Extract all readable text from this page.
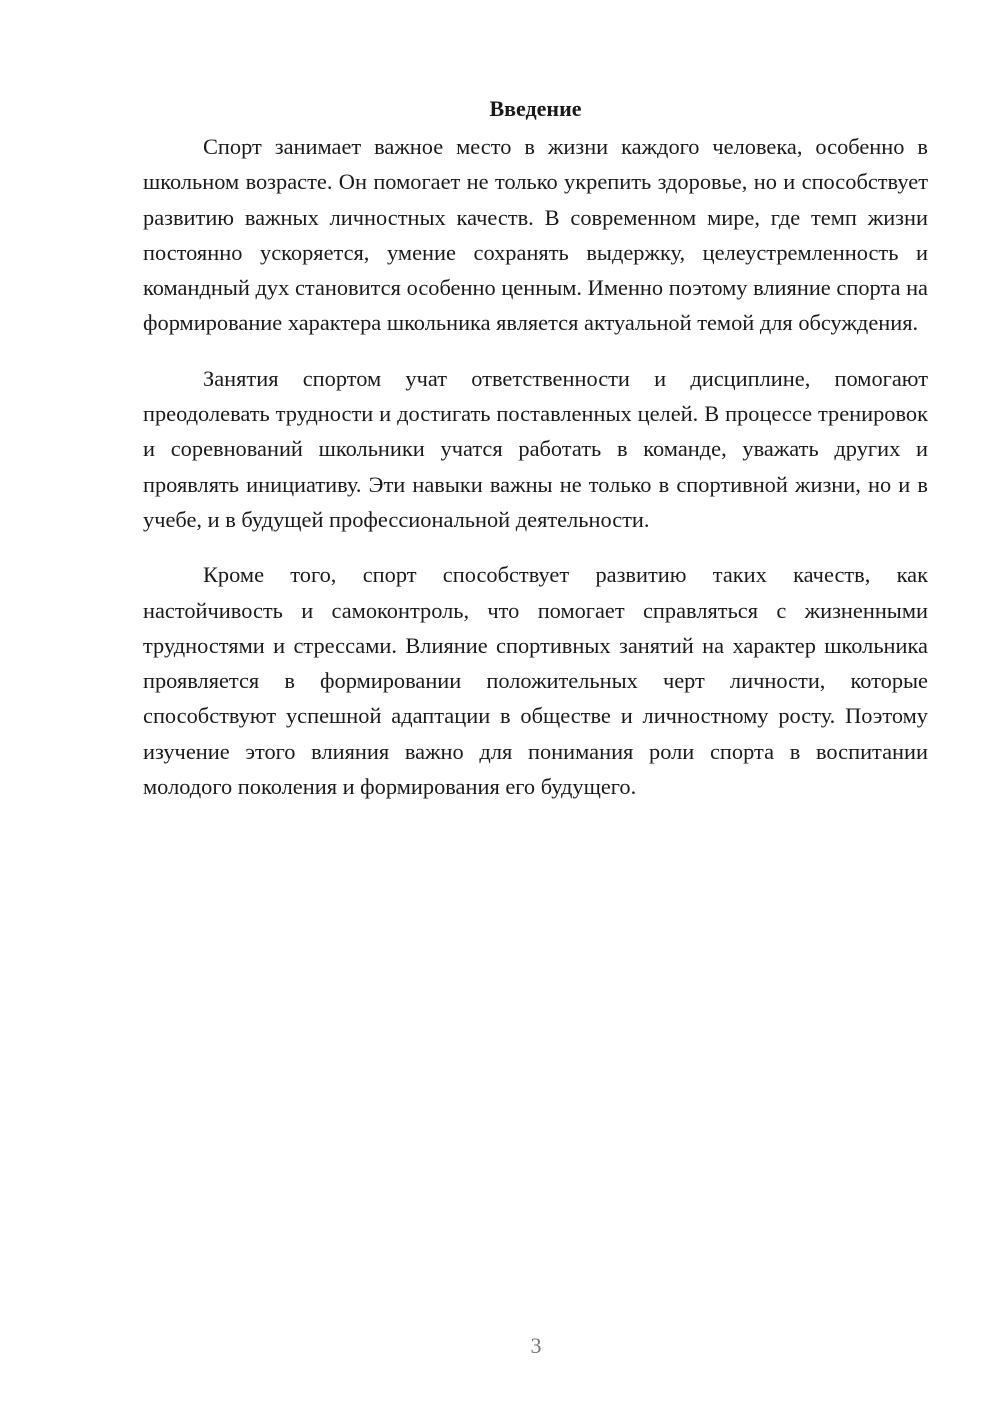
Введение

Спорт занимает важное место в жизни каждого человека, особенно в школьном возрасте. Он помогает не только укрепить здоровье, но и способствует развитию важных личностных качеств. В современном мире, где темп жизни постоянно ускоряется, умение сохранять выдержку, целеустремленность и командный дух становится особенно ценным. Именно поэтому влияние спорта на формирование характера школьника является актуальной темой для обсуждения.

Занятия спортом учат ответственности и дисциплине, помогают преодолевать трудности и достигать поставленных целей. В процессе тренировок и соревнований школьники учатся работать в команде, уважать других и проявлять инициативу. Эти навыки важны не только в спортивной жизни, но и в учебе, и в будущей профессиональной деятельности.

Кроме того, спорт способствует развитию таких качеств, как настойчивость и самоконтроль, что помогает справляться с жизненными трудностями и стрессами. Влияние спортивных занятий на характер школьника проявляется в формировании положительных черт личности, которые способствуют успешной адаптации в обществе и личностному росту. Поэтому изучение этого влияния важно для понимания роли спорта в воспитании молодого поколения и формирования его будущего.

3
